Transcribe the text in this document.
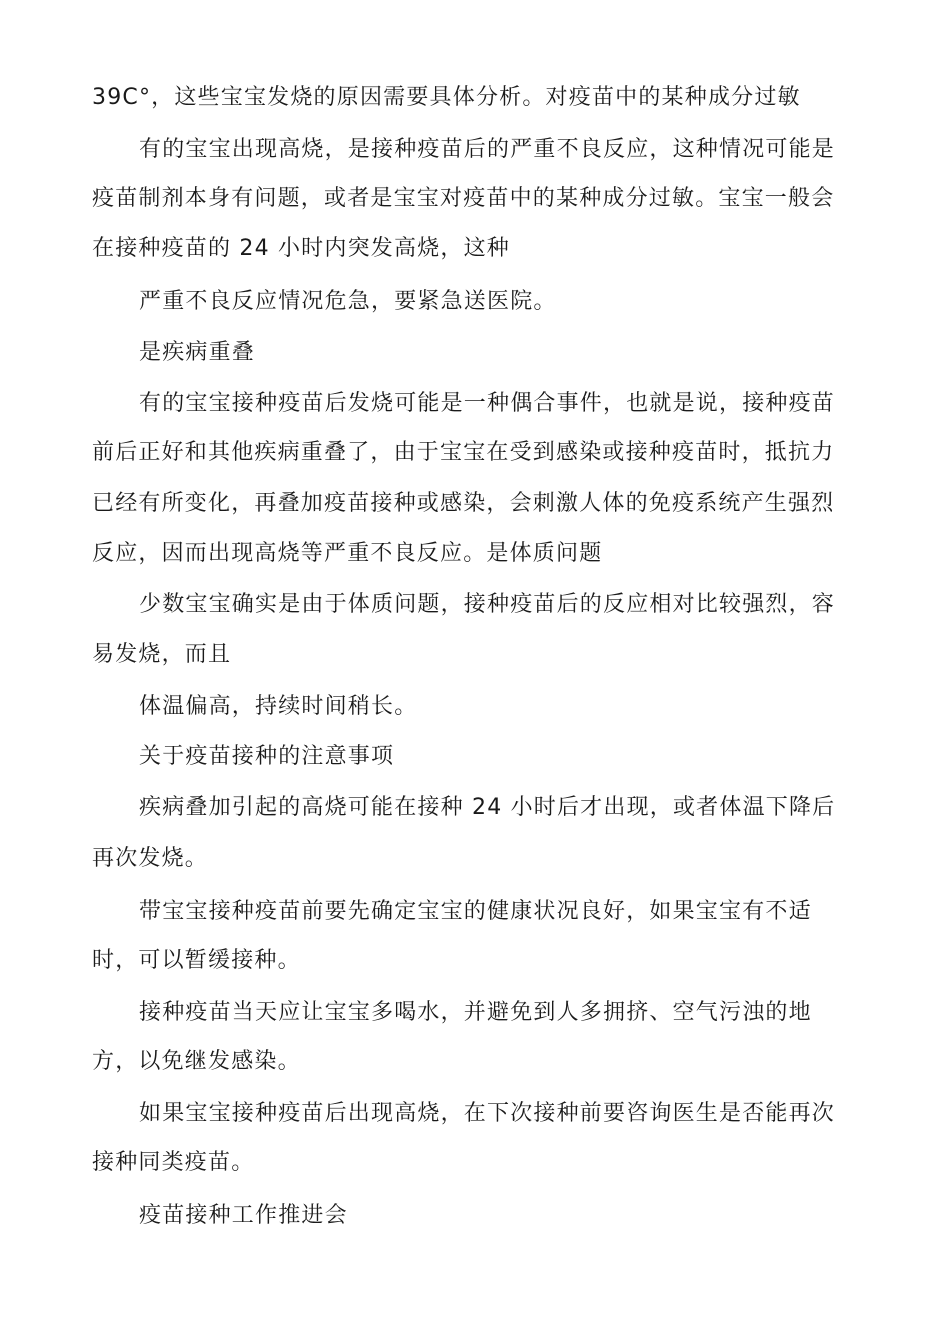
39C°，这些宝宝发烧的原因需要具体分析。对疫苗中的某种成分过敏
有的宝宝出现高烧，是接种疫苗后的严重不良反应，这种情况可能是
疫苗制剂本身有问题，或者是宝宝对疫苗中的某种成分过敏。宝宝一般会
在接种疫苗的 24 小时内突发高烧，这种
严重不良反应情况危急，要紧急送医院。
是疾病重叠
有的宝宝接种疫苗后发烧可能是一种偶合事件，也就是说，接种疫苗
前后正好和其他疾病重叠了，由于宝宝在受到感染或接种疫苗时，抵抗力
已经有所变化，再叠加疫苗接种或感染，会刺激人体的免疫系统产生强烈
反应，因而出现高烧等严重不良反应。是体质问题
少数宝宝确实是由于体质问题，接种疫苗后的反应相对比较强烈，容
易发烧，而且
体温偏高，持续时间稍长。
关于疫苗接种的注意事项
疾病叠加引起的高烧可能在接种 24 小时后才出现，或者体温下降后
再次发烧。
带宝宝接种疫苗前要先确定宝宝的健康状况良好，如果宝宝有不适
时，可以暂缓接种。
接种疫苗当天应让宝宝多喝水，并避免到人多拥挤、空气污浊的地
方，以免继发感染。
如果宝宝接种疫苗后出现高烧，在下次接种前要咨询医生是否能再次
接种同类疫苗。
疫苗接种工作推进会
